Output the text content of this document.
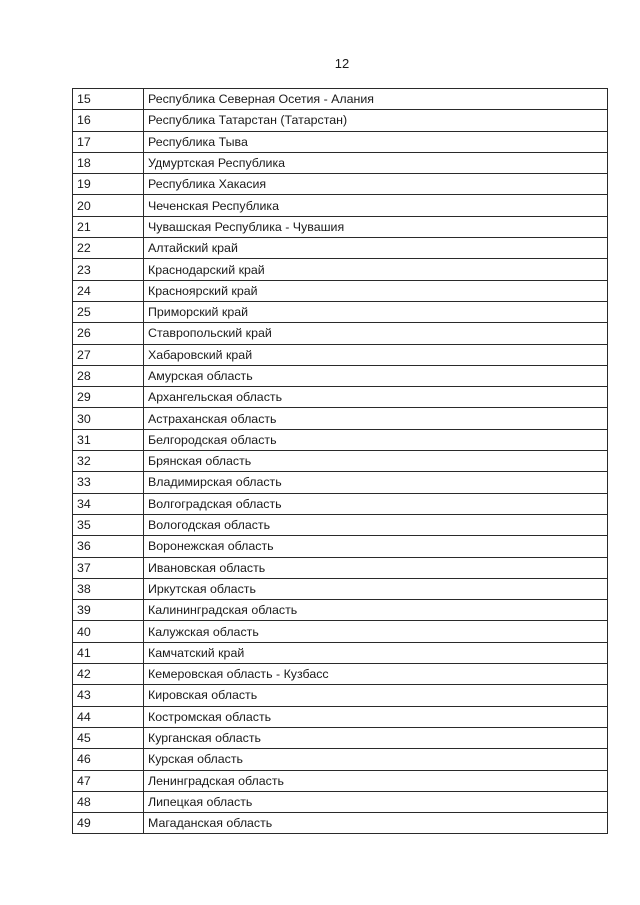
12
15	Республика Северная Осетия - Алания
16	Республика Татарстан (Татарстан)
17	Республика Тыва
18	Удмуртская Республика
19	Республика Хакасия
20	Чеченская Республика
21	Чувашская Республика - Чувашия
22	Алтайский край
23	Краснодарский край
24	Красноярский край
25	Приморский край
26	Ставропольский край
27	Хабаровский край
28	Амурская область
29	Архангельская область
30	Астраханская область
31	Белгородская область
32	Брянская область
33	Владимирская область
34	Волгоградская область
35	Вологодская область
36	Воронежская область
37	Ивановская область
38	Иркутская область
39	Калининградская область
40	Калужская область
41	Камчатский край
42	Кемеровская область - Кузбасс
43	Кировская область
44	Костромская область
45	Курганская область
46	Курская область
47	Ленинградская область
48	Липецкая область
49	Магаданская область
